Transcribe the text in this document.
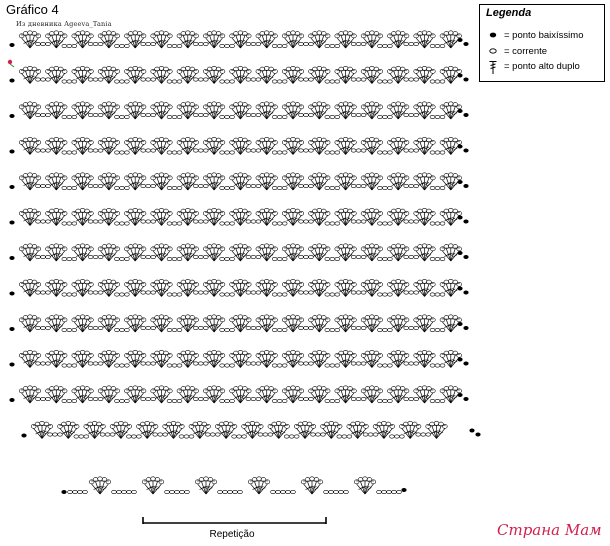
Gráfico 4
Из дневника Ageeva_Tania
Legenda
= ponto baixíssimo
= corrente
= ponto alto duplo
Repetição	Страна Мам
